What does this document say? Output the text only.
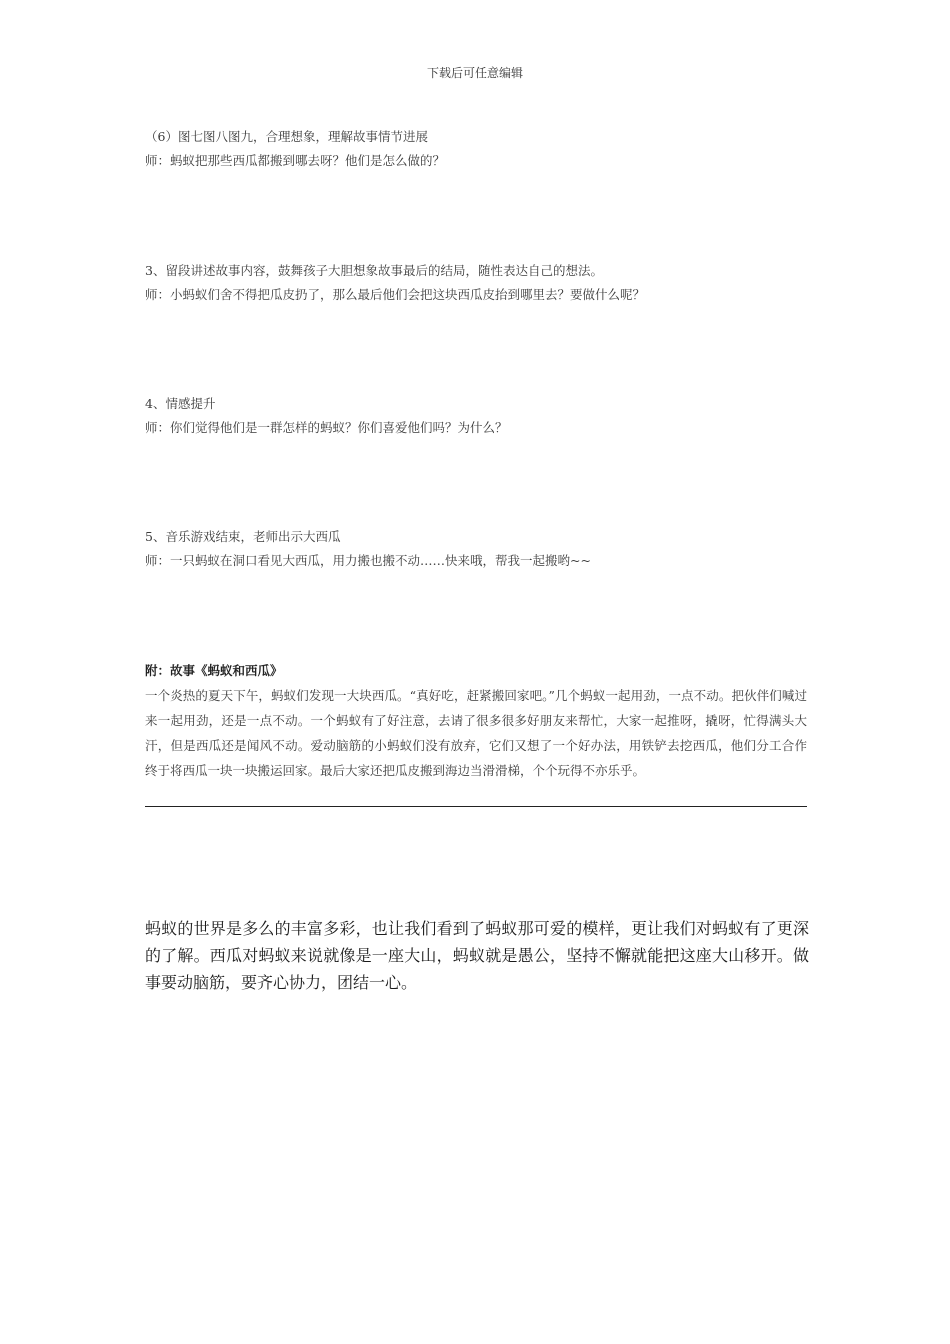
下载后可任意编辑

（6）图七图八图九，合理想象，理解故事情节进展

师：蚂蚁把那些西瓜都搬到哪去呀？他们是怎么做的？

3、留段讲述故事内容，鼓舞孩子大胆想象故事最后的结局，随性表达自己的想法。

师：小蚂蚁们舍不得把瓜皮扔了，那么最后他们会把这块西瓜皮抬到哪里去？要做什么呢？

4、情感提升

师：你们觉得他们是一群怎样的蚂蚁？你们喜爱他们吗？为什么？

5、音乐游戏结束，老师出示大西瓜

师：一只蚂蚁在洞口看见大西瓜，用力搬也搬不动……快来哦，帮我一起搬哟~~

附：故事《蚂蚁和西瓜》

一个炎热的夏天下午，蚂蚁们发现一大块西瓜。“真好吃，赶紧搬回家吧。”几个蚂蚁一起用劲，一点不动。把伙伴们喊过来一起用劲，还是一点不动。一个蚂蚁有了好注意，去请了很多很多好朋友来帮忙，大家一起推呀，撬呀，忙得满头大汗，但是西瓜还是闻风不动。爱动脑筋的小蚂蚁们没有放弃，它们又想了一个好办法，用铁铲去挖西瓜，他们分工合作终于将西瓜一块一块搬运回家。最后大家还把瓜皮搬到海边当滑滑梯，个个玩得不亦乐乎。

蚂蚁的世界是多么的丰富多彩，也让我们看到了蚂蚁那可爱的模样，更让我们对蚂蚁有了更深的了解。西瓜对蚂蚁来说就像是一座大山，蚂蚁就是愚公，坚持不懈就能把这座大山移开。做事要动脑筋，要齐心协力，团结一心。
